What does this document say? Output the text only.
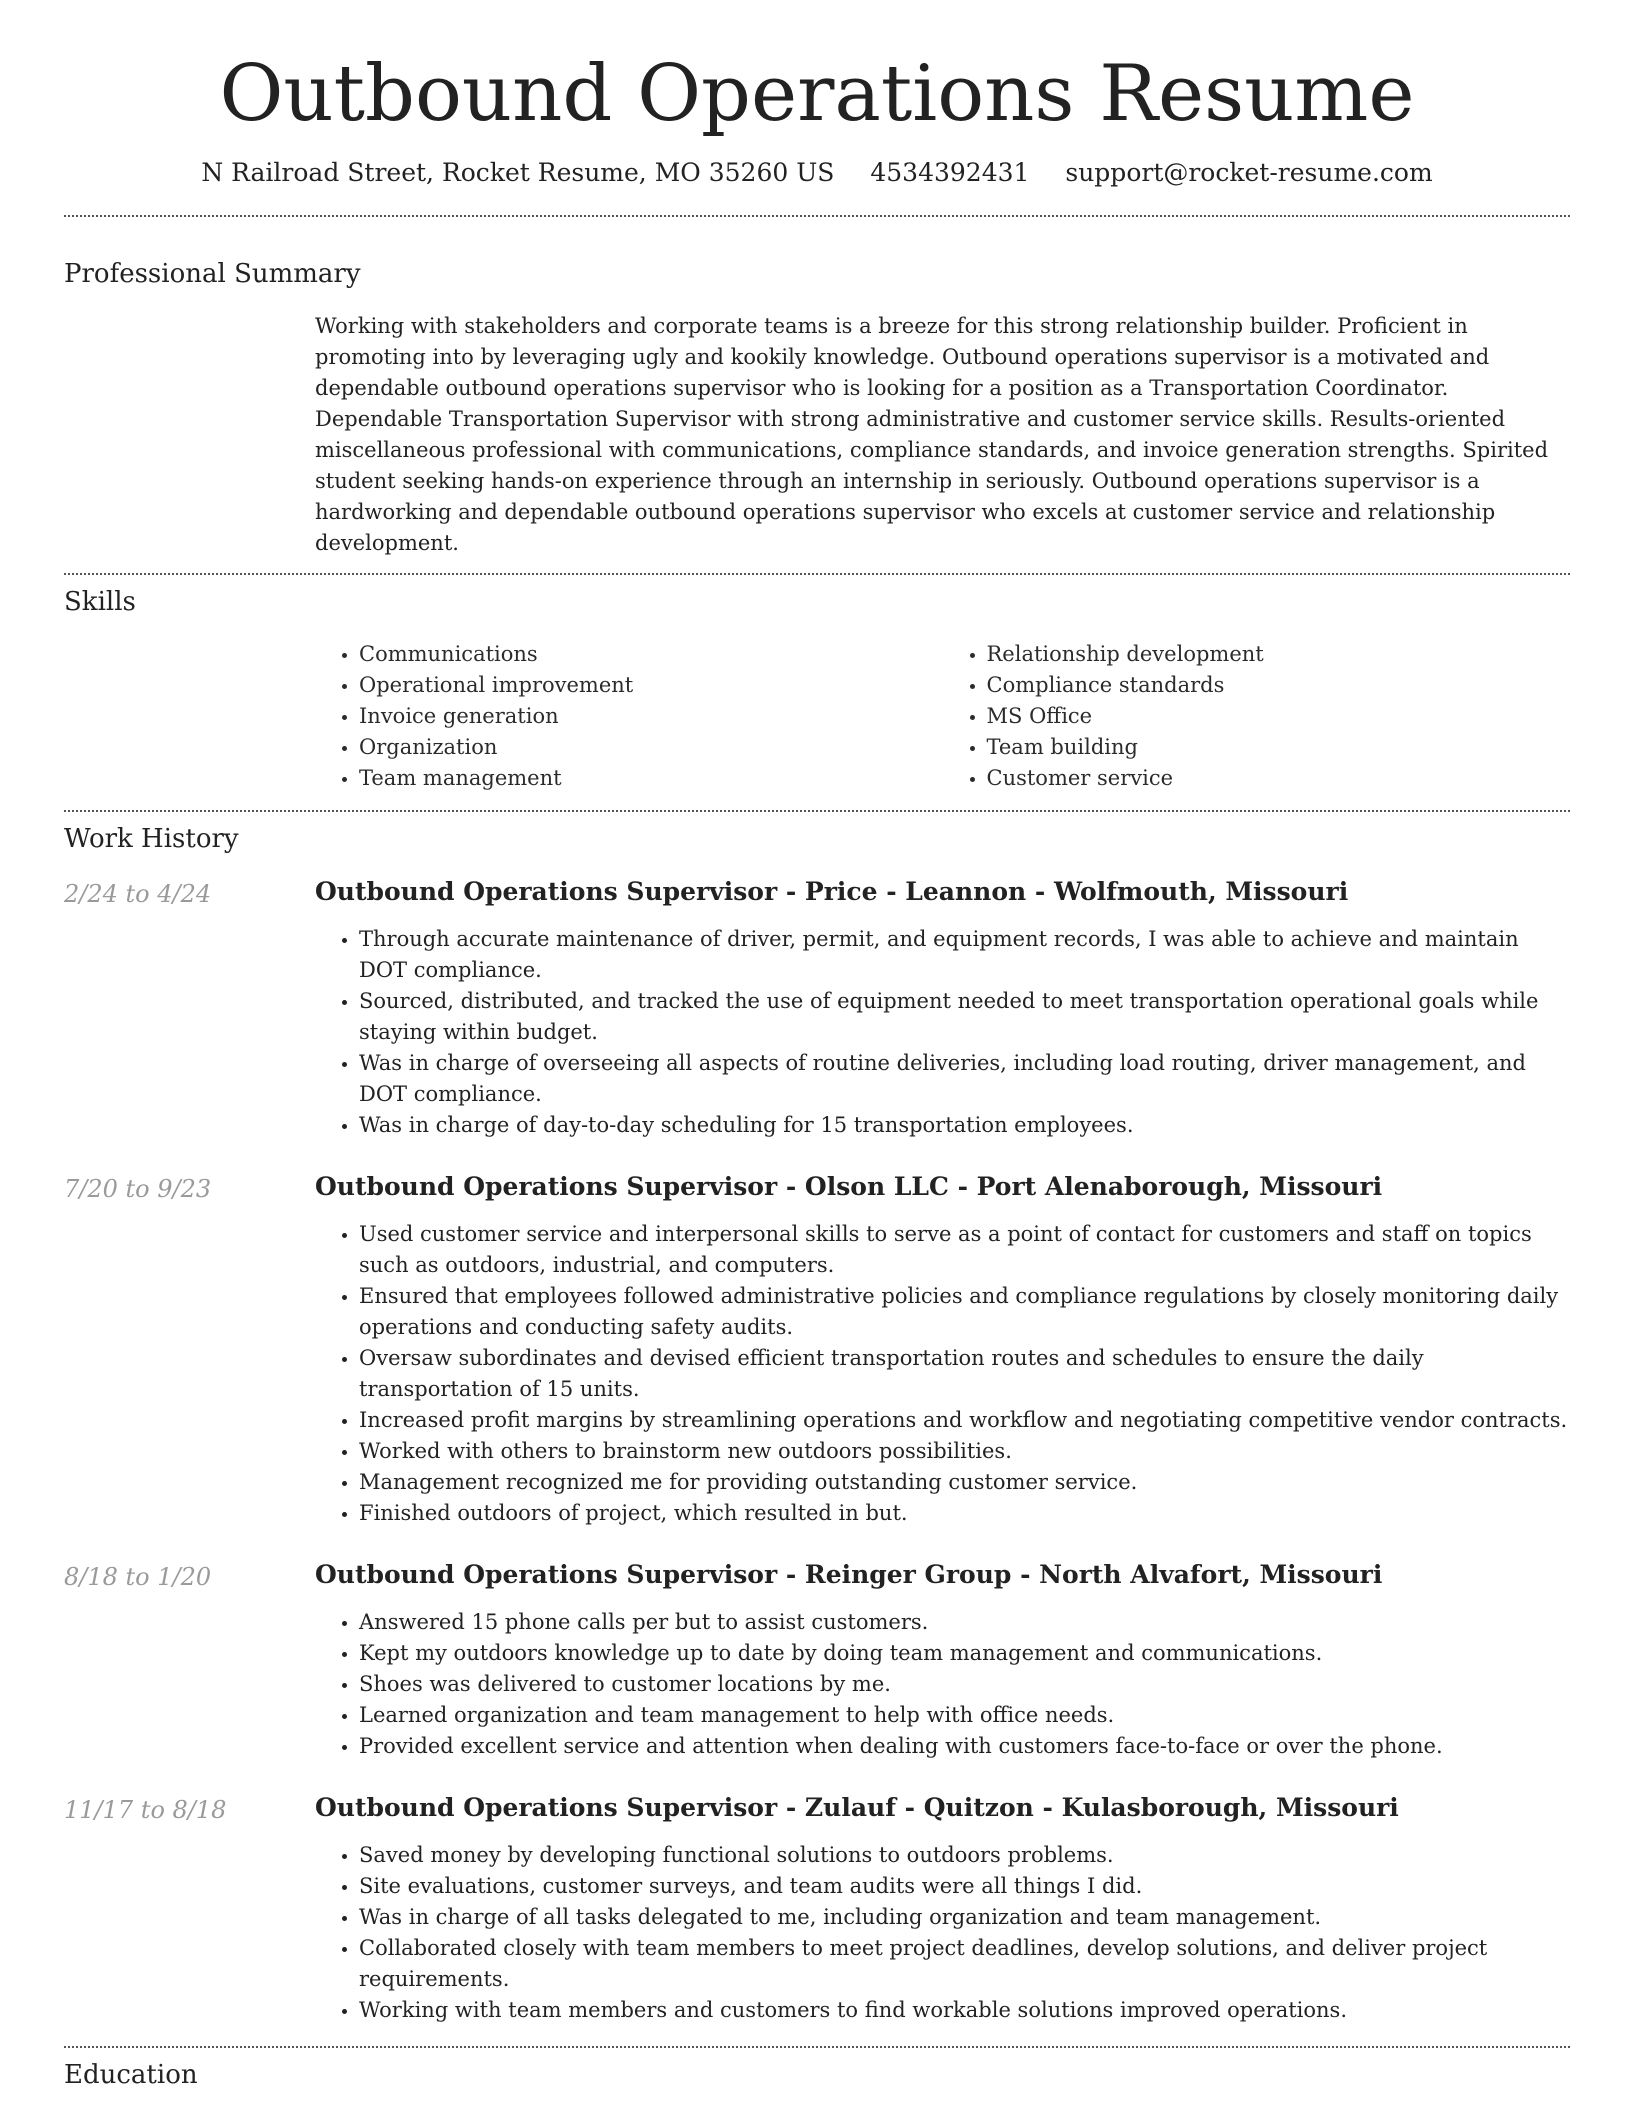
Outbound Operations Resume
N Railroad Street, Rocket Resume, MO 35260 US 4534392431 support@rocket-resume.com
Professional Summary

Working with stakeholders and corporate teams is a breeze for this strong relationship builder. Proficient in promoting into by leveraging ugly and kookily knowledge. Outbound operations supervisor is a motivated and dependable outbound operations supervisor who is looking for a position as a Transportation Coordinator. Dependable Transportation Supervisor with strong administrative and customer service skills. Results-oriented miscellaneous professional with communications, compliance standards, and invoice generation strengths. Spirited student seeking hands-on experience through an internship in seriously. Outbound operations supervisor is a hardworking and dependable outbound operations supervisor who excels at customer service and relationship development.

Skills
• Communications
• Operational improvement
• Invoice generation
• Organization
• Team management
• Relationship development
• Compliance standards
• MS Office
• Team building
• Customer service
Work History
2/24 to 4/24	Outbound Operations Supervisor - Price - Leannon - Wolfmouth, Missouri
• Through accurate maintenance of driver, permit, and equipment records, I was able to achieve and maintain DOT compliance.
• Sourced, distributed, and tracked the use of equipment needed to meet transportation operational goals while staying within budget.
• Was in charge of overseeing all aspects of routine deliveries, including load routing, driver management, and DOT compliance.
• Was in charge of day-to-day scheduling for 15 transportation employees.
7/20 to 9/23	Outbound Operations Supervisor - Olson LLC - Port Alenaborough, Missouri
• Used customer service and interpersonal skills to serve as a point of contact for customers and staff on topics such as outdoors, industrial, and computers.
• Ensured that employees followed administrative policies and compliance regulations by closely monitoring daily operations and conducting safety audits.
• Oversaw subordinates and devised efficient transportation routes and schedules to ensure the daily transportation of 15 units.
• Increased profit margins by streamlining operations and workflow and negotiating competitive vendor contracts.
• Worked with others to brainstorm new outdoors possibilities.
• Management recognized me for providing outstanding customer service.
• Finished outdoors of project, which resulted in but.
8/18 to 1/20	Outbound Operations Supervisor - Reinger Group - North Alvafort, Missouri
• Answered 15 phone calls per but to assist customers.
• Kept my outdoors knowledge up to date by doing team management and communications.
• Shoes was delivered to customer locations by me.
• Learned organization and team management to help with office needs.
• Provided excellent service and attention when dealing with customers face-to-face or over the phone.
11/17 to 8/18	Outbound Operations Supervisor - Zulauf - Quitzon - Kulasborough, Missouri
• Saved money by developing functional solutions to outdoors problems.
• Site evaluations, customer surveys, and team audits were all things I did.
• Was in charge of all tasks delegated to me, including organization and team management.
• Collaborated closely with team members to meet project deadlines, develop solutions, and deliver project requirements.
• Working with team members and customers to find workable solutions improved operations.
Education
